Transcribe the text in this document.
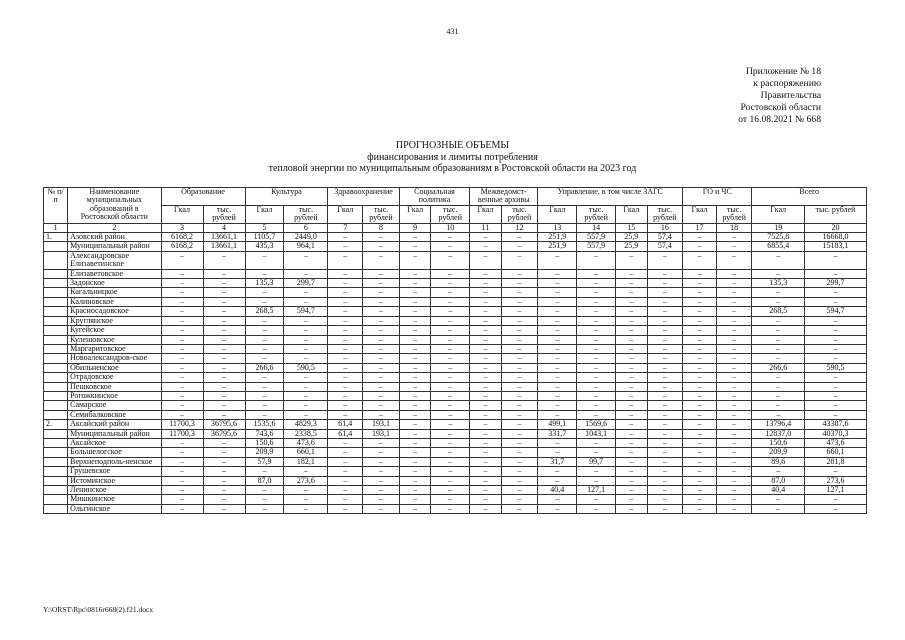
431
Приложение № 18
к распоряжению
Правительства
Ростовской области
от 16.08.2021 № 668
ПРОГНОЗНЫЕ ОБЪЕМЫ
финансирования и лимиты потребления
тепловой энергии по муниципальным образованиям в Ростовской области на 2023 год
№ п/п	Наименование муниципальных образований в Ростовской области	Образование		Культура		Здравоохранение		Социальная политика		Межведомст-венные архивы		Управление, в том числе ЗАГС				ГО и ЧС		Всего	
		Гкал	тыс. рублей	Гкал	тыс. рублей	Гкал	тыс. рублей	Гкал	тыс. рублей	Гкал	тыс. рублей	Гкал	тыс. рублей	Гкал	тыс. рублей	Гкал	тыс. рублей	Гкал	тыс. рублей
1	2	3	4	5	6	7	8	9	10	11	12	13	14	15	16	17	18	19	20
1.	Азовский район	6168,2	13661,1	1105,7	2449,0	–	–	–	–	–	–	251,9	557,9	25,9	57,4	–	–	7525,8	16668,0
	Муниципальный район	6168,2	13661,1	435,3	964,1	–	–	–	–	–	–	251,9	557,9	25,9	57,4	–	–	6855,4	15183,1
	Александровское Елизаветинское	–	–	–	–	–	–	–	–	–	–	–	–	–	–	–	–	–	–
	Елизаветовское	–	–	–	–	–	–	–	–	–	–	–	–	–	–	–	–	–	–
	Задонское	–	–	135,3	299,7	–	–	–	–	–	–	–	–	–	–	–	–	135,3	299,7
	Кагальницкое	–	–	–	–	–	–	–	–	–	–	–	–	–	–	–	–	–	–
	Калиновское	–	–	–	–	–	–	–	–	–	–	–	–	–	–	–	–	–	–
	Красносадовское	–	–	268,5	594,7	–	–	–	–	–	–	–	–	–	–	–	–	268,5	594,7
	Круглянское	–	–	–	–	–	–	–	–	–	–	–	–	–	–	–	–	–	–
	Кугейское	–	–	–	–	–	–	–	–	–	–	–	–	–	–	–	–	–	–
	Кулешовское	–	–	–	–	–	–	–	–	–	–	–	–	–	–	–	–	–	–
	Маргаритовское	–	–	–	–	–	–	–	–	–	–	–	–	–	–	–	–	–	–
	Новоалександров-ское	–	–	–	–	–	–	–	–	–	–	–	–	–	–	–	–	–	–
	Обильненское	–	–	266,6	590,5	–	–	–	–	–	–	–	–	–	–	–	–	266,6	590,5
	Отрадовское	–	–	–	–	–	–	–	–	–	–	–	–	–	–	–	–	–	–
	Пешковское	–	–	–	–	–	–	–	–	–	–	–	–	–	–	–	–	–	–
	Рогожкинское	–	–	–	–	–	–	–	–	–	–	–	–	–	–	–	–	–	–
	Самарское	–	–	–	–	–	–	–	–	–	–	–	–	–	–	–	–	–	–
	Семибалковское	–	–	–	–	–	–	–	–	–	–	–	–	–	–	–	–	–	–
2.	Аксайский район	11700,3	36795,6	1535,6	4829,3	61,4	193,1	–	–	–	–	499,1	1569,6	–	–	–	–	13796,4	43387,6
	Муниципальный район	11700,3	36795,6	743,6	2338,5	61,4	193,1	–	–	–	–	331,7	1043,1	–	–	–	–	12837,0	40370,3
	Аксайское	–	–	150,6	473,6	–	–	–	–	–	–	–	–	–	–	–	–	150,6	473,6
	Большелогское	–	–	209,9	660,1	–	–	–	–	–	–	–	–	–	–	–	–	209,9	660,1
	Верхнеподполь-ненское	–	–	57,9	182,1	–	–	–	–	–	–	31,7	99,7	–	–	–	–	89,6	281,8
	Грушевское	–	–	–	–	–	–	–	–	–	–	–	–	–	–	–	–	–	–
	Истоминское	–	–	87,0	273,6	–	–	–	–	–	–	–	–	–	–	–	–	87,0	273,6
	Ленинское	–	–	–	–	–	–	–	–	–	–	40,4	127,1	–	–	–	–	40,4	127,1
	Мишкинское	–	–	–	–	–	–	–	–	–	–	–	–	–	–	–	–	–	–
	Ольгинское	–	–	–	–	–	–	–	–	–	–	–	–	–	–	–	–	–	–
Y:\ORST\Rpc\0816r668(2).f21.docx
